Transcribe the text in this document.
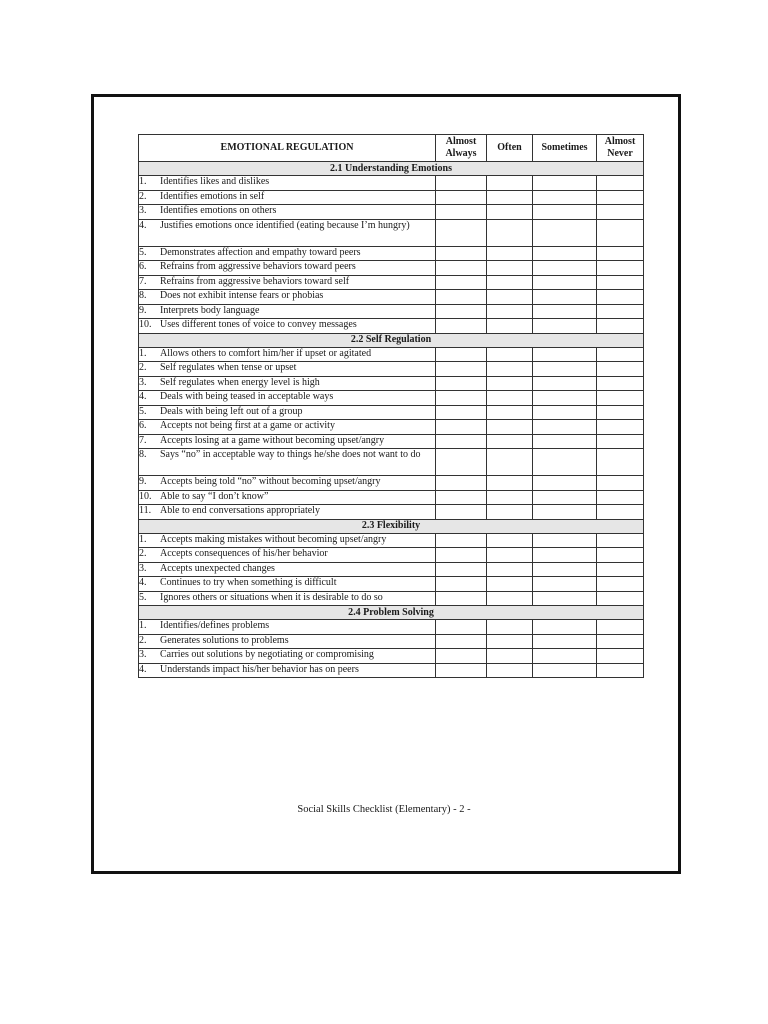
EMOTIONAL REGULATION	Almost Always	Often	Sometimes	Almost Never
2.1 Understanding Emotions				
1. Identifies likes and dislikes				
2. Identifies emotions in self				
3. Identifies emotions on others				

4. Justifies emotions once identified (eating because I’m hungry)				

5. Demonstrates affection and empathy toward peers				
6. Refrains from aggressive behaviors toward peers				
7. Refrains from aggressive behaviors toward self				
8. Does not exhibit intense fears or phobias				
9. Interprets body language				
10. Uses different tones of voice to convey messages				
2.2 Self Regulation				
1. Allows others to comfort him/her if upset or agitated				
2. Self regulates when tense or upset				
3. Self regulates when energy level is high				
4. Deals with being teased in acceptable ways				
5. Deals with being left out of a group				
6. Accepts not being first at a game or activity				
7. Accepts losing at a game without becoming upset/angry				

8. Says “no” in acceptable way to things he/she does not want to do				

9. Accepts being told “no” without becoming upset/angry				
10. Able to say “I don’t know”				
11. Able to end conversations appropriately				
2.3 Flexibility				
1. Accepts making mistakes without becoming upset/angry				
2. Accepts consequences of his/her behavior				
3. Accepts unexpected changes				
4. Continues to try when something is difficult				
5. Ignores others or situations when it is desirable to do so				
2.4 Problem Solving				
1. Identifies/defines problems				
2. Generates solutions to problems				
3. Carries out solutions by negotiating or compromising				
4. Understands impact his/her behavior has on peers				
Social Skills Checklist (Elementary) - 2 -
